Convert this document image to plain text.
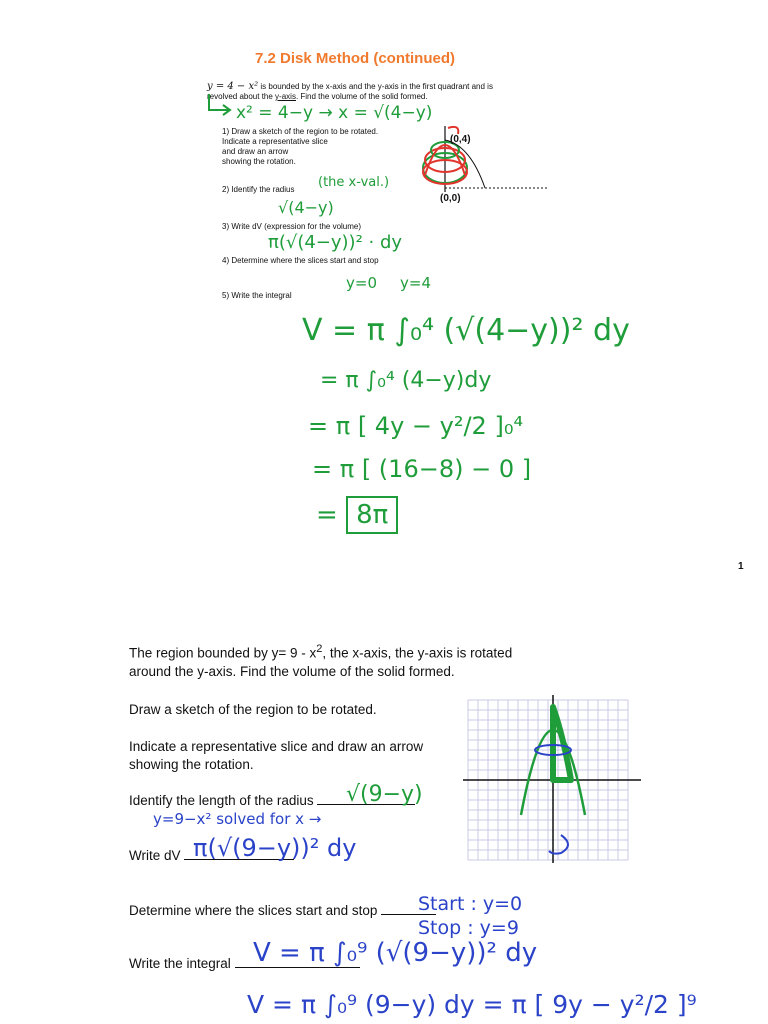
7.2 Disk Method (continued)
y = 4 − x² is bounded by the x-axis and the y-axis in the first quadrant and is
revolved about the y-axis. Find the volume of the solid formed.
x² = 4−y → x = √(4−y)
1) Draw a sketch of the region to be rotated.
Indicate a representative slice
and draw an arrow
showing the rotation.
(0,4)
(0,0)
2) Identify the radius (the x-val.)
√(4−y)
3) Write dV (expression for the volume)
π(√(4−y))² · dy
4) Determine where the slices start and stop
y=0 y=4
5) Write the integral
V = π ∫₀⁴ (√(4−y))² dy
= π ∫₀⁴ (4−y)dy
= π [ 4y − y²/2 ]₀⁴
= π [ (16−8) − 0 ]
= 8π
1
The region bounded by $y= 9 - x^2$, the x-axis, the y-axis is rotated
around the y-axis. Find the volume of the solid formed.
Draw a sketch of the region to be rotated.
Indicate a representative slice and draw an arrow
showing the rotation.
Identify the length of the radius	√(9−y)
y=9−x² solved for x →
Write dV π(√(9−y))² dy
Determine where the slices start and stop	Start : y=0
Stop : y=9
Write the integral V = π ∫₀⁹ (√(9−y))² dy
V = π ∫₀⁹ (9−y) dy = π [ 9y − y²/2 ]⁹
